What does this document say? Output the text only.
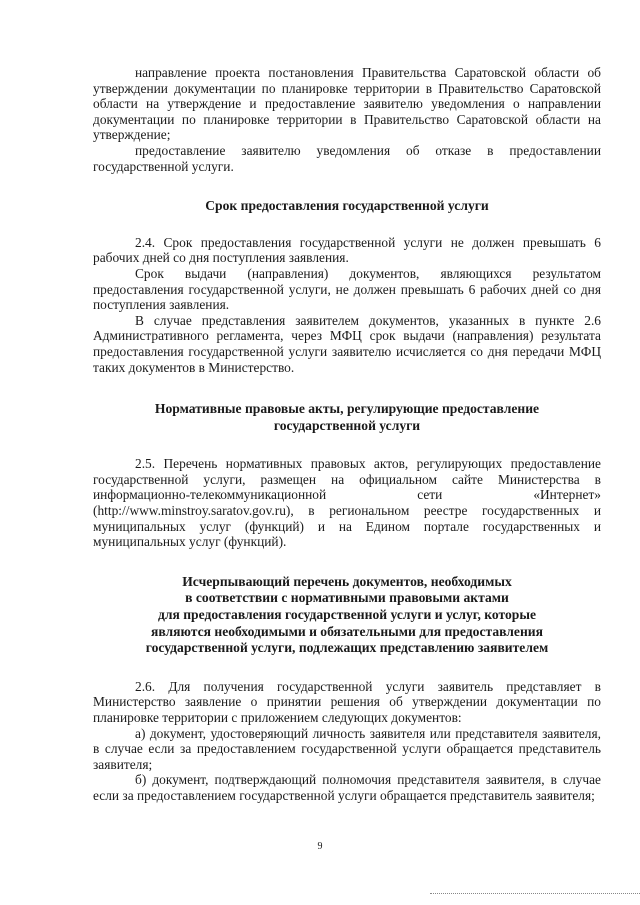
направление проекта постановления Правительства Саратовской области об утверждении документации по планировке территории в Правительство Саратовской области на утверждение и предоставление заявителю уведомления о направлении документации по планировке территории в Правительство Саратовской области на утверждение;

предоставление заявителю уведомления об отказе в предоставлении государственной услуги.

Срок предоставления государственной услуги

2.4. Срок предоставления государственной услуги не должен превышать 6 рабочих дней со дня поступления заявления.

Срок выдачи (направления) документов, являющихся результатом предоставления государственной услуги, не должен превышать 6 рабочих дней со дня поступления заявления.

В случае представления заявителем документов, указанных в пункте 2.6 Административного регламента, через МФЦ срок выдачи (направления) результата предоставления государственной услуги заявителю исчисляется со дня передачи МФЦ таких документов в Министерство.

Нормативные правовые акты, регулирующие предоставление
государственной услуги

2.5. Перечень нормативных правовых актов, регулирующих предоставление государственной услуги, размещен на официальном сайте Министерства в информационно-телекоммуникационной сети «Интернет» (http://www.minstroy.saratov.gov.ru), в региональном реестре государственных и муниципальных услуг (функций) и на Едином портале государственных и муниципальных услуг (функций).

Исчерпывающий перечень документов, необходимых
в соответствии с нормативными правовыми актами
для предоставления государственной услуги и услуг, которые
являются необходимыми и обязательными для предоставления
государственной услуги, подлежащих представлению заявителем

2.6. Для получения государственной услуги заявитель представляет в Министерство заявление о принятии решения об утверждении документации по планировке территории с приложением следующих документов:

а) документ, удостоверяющий личность заявителя или представителя заявителя, в случае если за предоставлением государственной услуги обращается представитель заявителя;

б) документ, подтверждающий полномочия представителя заявителя, в случае если за предоставлением государственной услуги обращается представитель заявителя;

9
